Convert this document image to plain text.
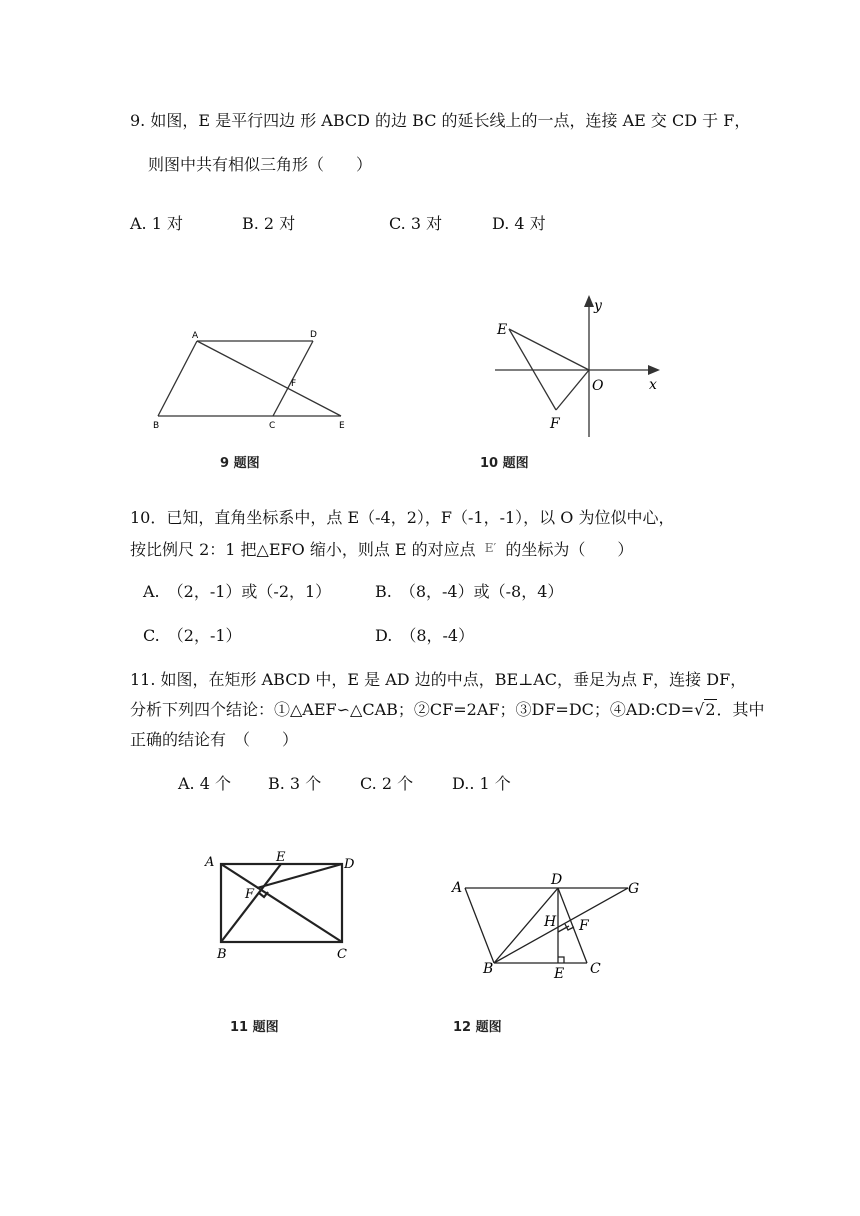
9. 如图，E 是平行四边 形 ABCD 的边 BC 的延长线上的一点，连接 AE 交 CD 于 F，
则图中共有相似三角形（　　）
A. 1 对	B. 2 对	C. 3 对	D. 4 对
A	D
F
B	C	E
9 题图
E
y
O	x
F
10 题图
10．已知，直角坐标系中，点 E（-4，2），F（-1，-1），以 O 为位似中心，
按比例尺 2：1 把△EFO 缩小，则点 E 的对应点 E′ 的坐标为（　　）
A.　（2，-1）或（-2，1）	B.　（8，-4）或（-8，4）
C.　（2，-1）	D.　（8，-4）
11. 如图，在矩形 ABCD 中，E 是 AD 边的中点，BE⊥AC，垂足为点 F，连接 DF，
分析下列四个结论：①△AEF∽△CAB；②CF=2AF；③DF=DC；④AD:CD=√2．其中
正确的结论有　（　　）
A. 4 个 B. 3 个 C. 2 个 D.. 1 个
A	E	D
F
B	C
11 题图
A	D
G
H F
B	E C
12 题图
